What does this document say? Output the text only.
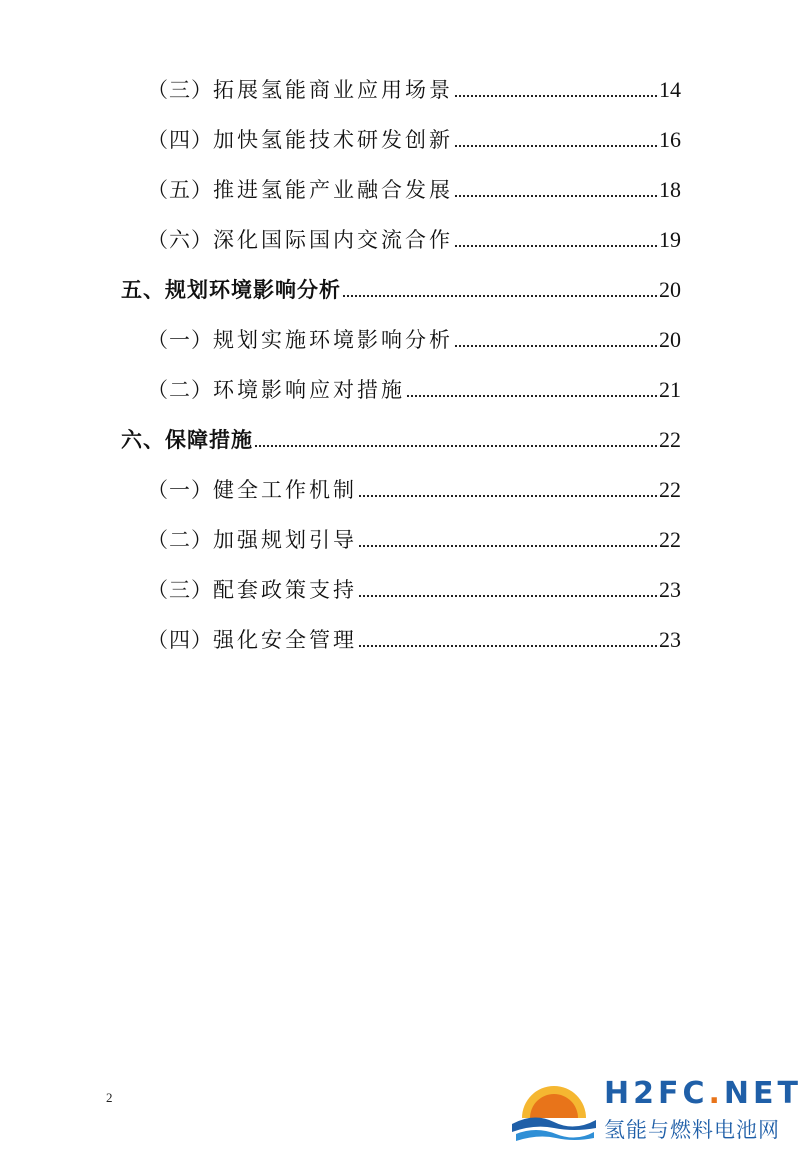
（三） 拓展氢能商业应用场景	14
（四） 加快氢能技术研发创新	16
（五） 推进氢能产业融合发展	18
（六） 深化国际国内交流合作	19
五、 规划环境影响分析	20
（一） 规划实施环境影响分析	20
（二） 环境影响应对措施	21
六、 保障措施	22
（一） 健全工作机制	22
（二） 加强规划引导	22
（三） 配套政策支持	23
（四） 强化安全管理	23
2	H2FC.NET
氢能与燃料电池网
